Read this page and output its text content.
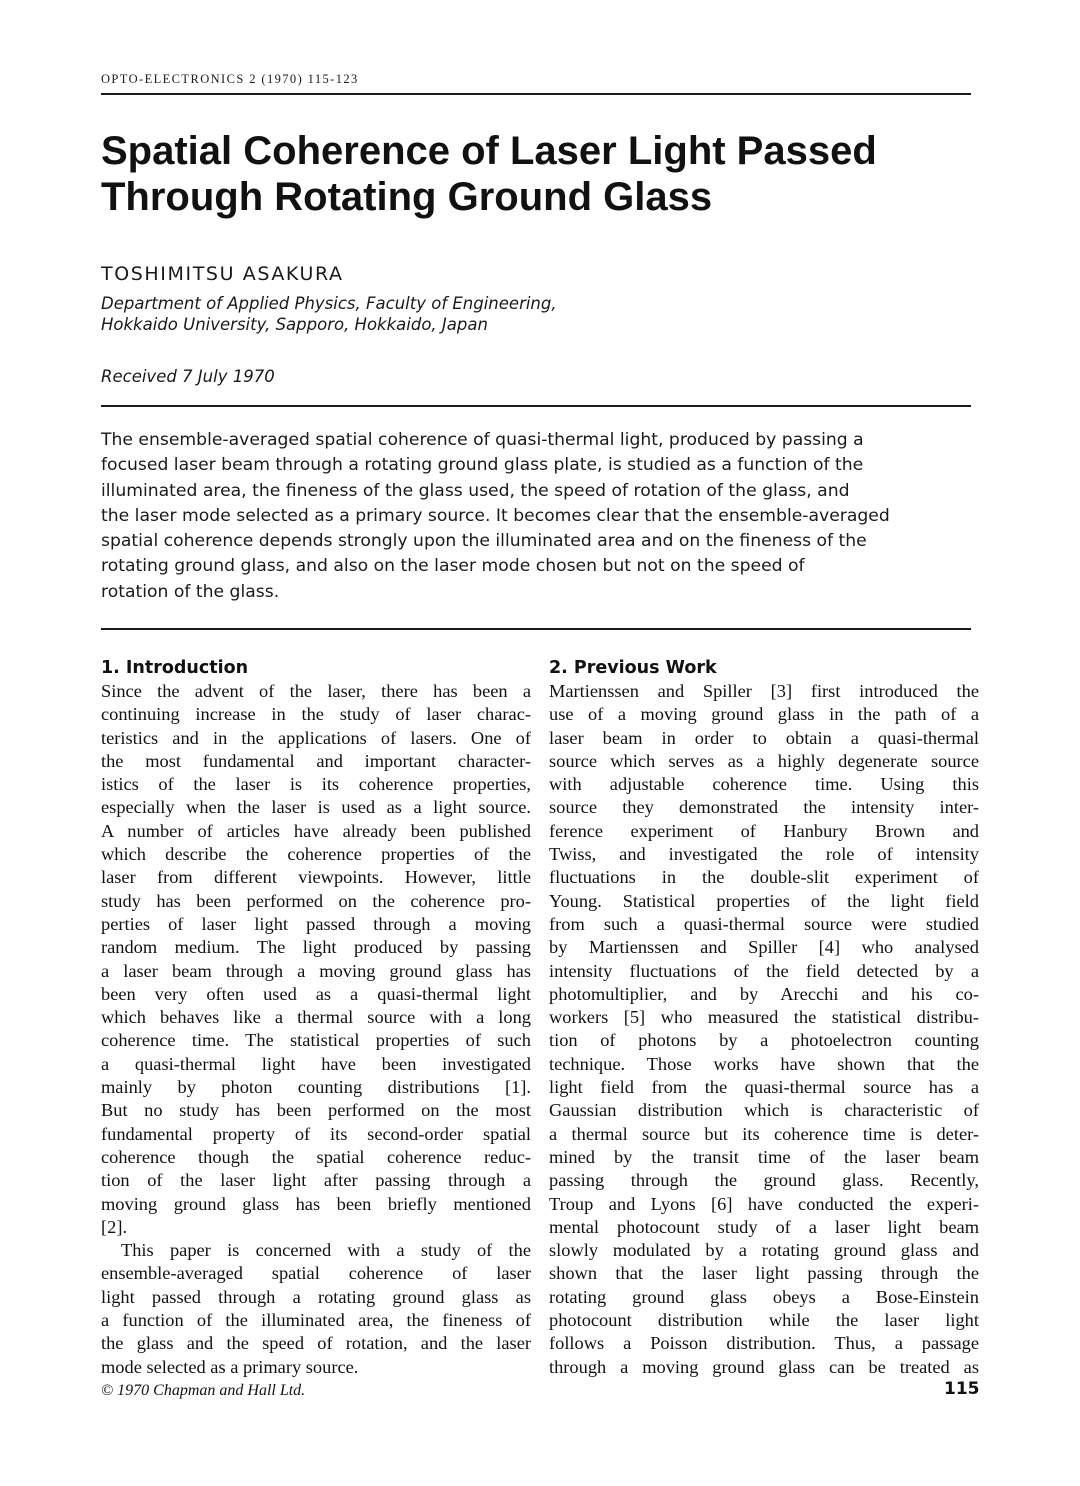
OPTO-ELECTRONICS 2 (1970) 115-123
Spatial Coherence of Laser Light Passed
Through Rotating Ground Glass
TOSHIMITSU ASAKURA
Department of Applied Physics, Faculty of Engineering,
Hokkaido University, Sapporo, Hokkaido, Japan
Received 7 July 1970
The ensemble-averaged spatial coherence of quasi-thermal light, produced by passing a
focused laser beam through a rotating ground glass plate, is studied as a function of the
illuminated area, the fineness of the glass used, the speed of rotation of the glass, and
the laser mode selected as a primary source. It becomes clear that the ensemble-averaged
spatial coherence depends strongly upon the illuminated area and on the fineness of the
rotating ground glass, and also on the laser mode chosen but not on the speed of
rotation of the glass.
1. Introduction
Since the advent of the laser, there has been a
continuing increase in the study of laser charac-
teristics and in the applications of lasers. One of
the most fundamental and important character-
istics of the laser is its coherence properties,
especially when the laser is used as a light source.
A number of articles have already been published
which describe the coherence properties of the
laser from different viewpoints. However, little
study has been performed on the coherence pro-
perties of laser light passed through a moving
random medium. The light produced by passing
a laser beam through a moving ground glass has
been very often used as a quasi-thermal light
which behaves like a thermal source with a long
coherence time. The statistical properties of such
a quasi-thermal light have been investigated
mainly by photon counting distributions [1].
But no study has been performed on the most
fundamental property of its second-order spatial
coherence though the spatial coherence reduc-
tion of the laser light after passing through a
moving ground glass has been briefly mentioned
[2].
This paper is concerned with a study of the
ensemble-averaged spatial coherence of laser
light passed through a rotating ground glass as
a function of the illuminated area, the fineness of
the glass and the speed of rotation, and the laser
mode selected as a primary source.
2. Previous Work
Martienssen and Spiller [3] first introduced the
use of a moving ground glass in the path of a
laser beam in order to obtain a quasi-thermal
source which serves as a highly degenerate source
with adjustable coherence time. Using this
source they demonstrated the intensity inter-
ference experiment of Hanbury Brown and
Twiss, and investigated the role of intensity
fluctuations in the double-slit experiment of
Young. Statistical properties of the light field
from such a quasi-thermal source were studied
by Martienssen and Spiller [4] who analysed
intensity fluctuations of the field detected by a
photomultiplier, and by Arecchi and his co-
workers [5] who measured the statistical distribu-
tion of photons by a photoelectron counting
technique. Those works have shown that the
light field from the quasi-thermal source has a
Gaussian distribution which is characteristic of
a thermal source but its coherence time is deter-
mined by the transit time of the laser beam
passing through the ground glass. Recently,
Troup and Lyons [6] have conducted the experi-
mental photocount study of a laser light beam
slowly modulated by a rotating ground glass and
shown that the laser light passing through the
rotating ground glass obeys a Bose-Einstein
photocount distribution while the laser light
follows a Poisson distribution. Thus, a passage
through a moving ground glass can be treated as
© 1970 Chapman and Hall Ltd.	115
